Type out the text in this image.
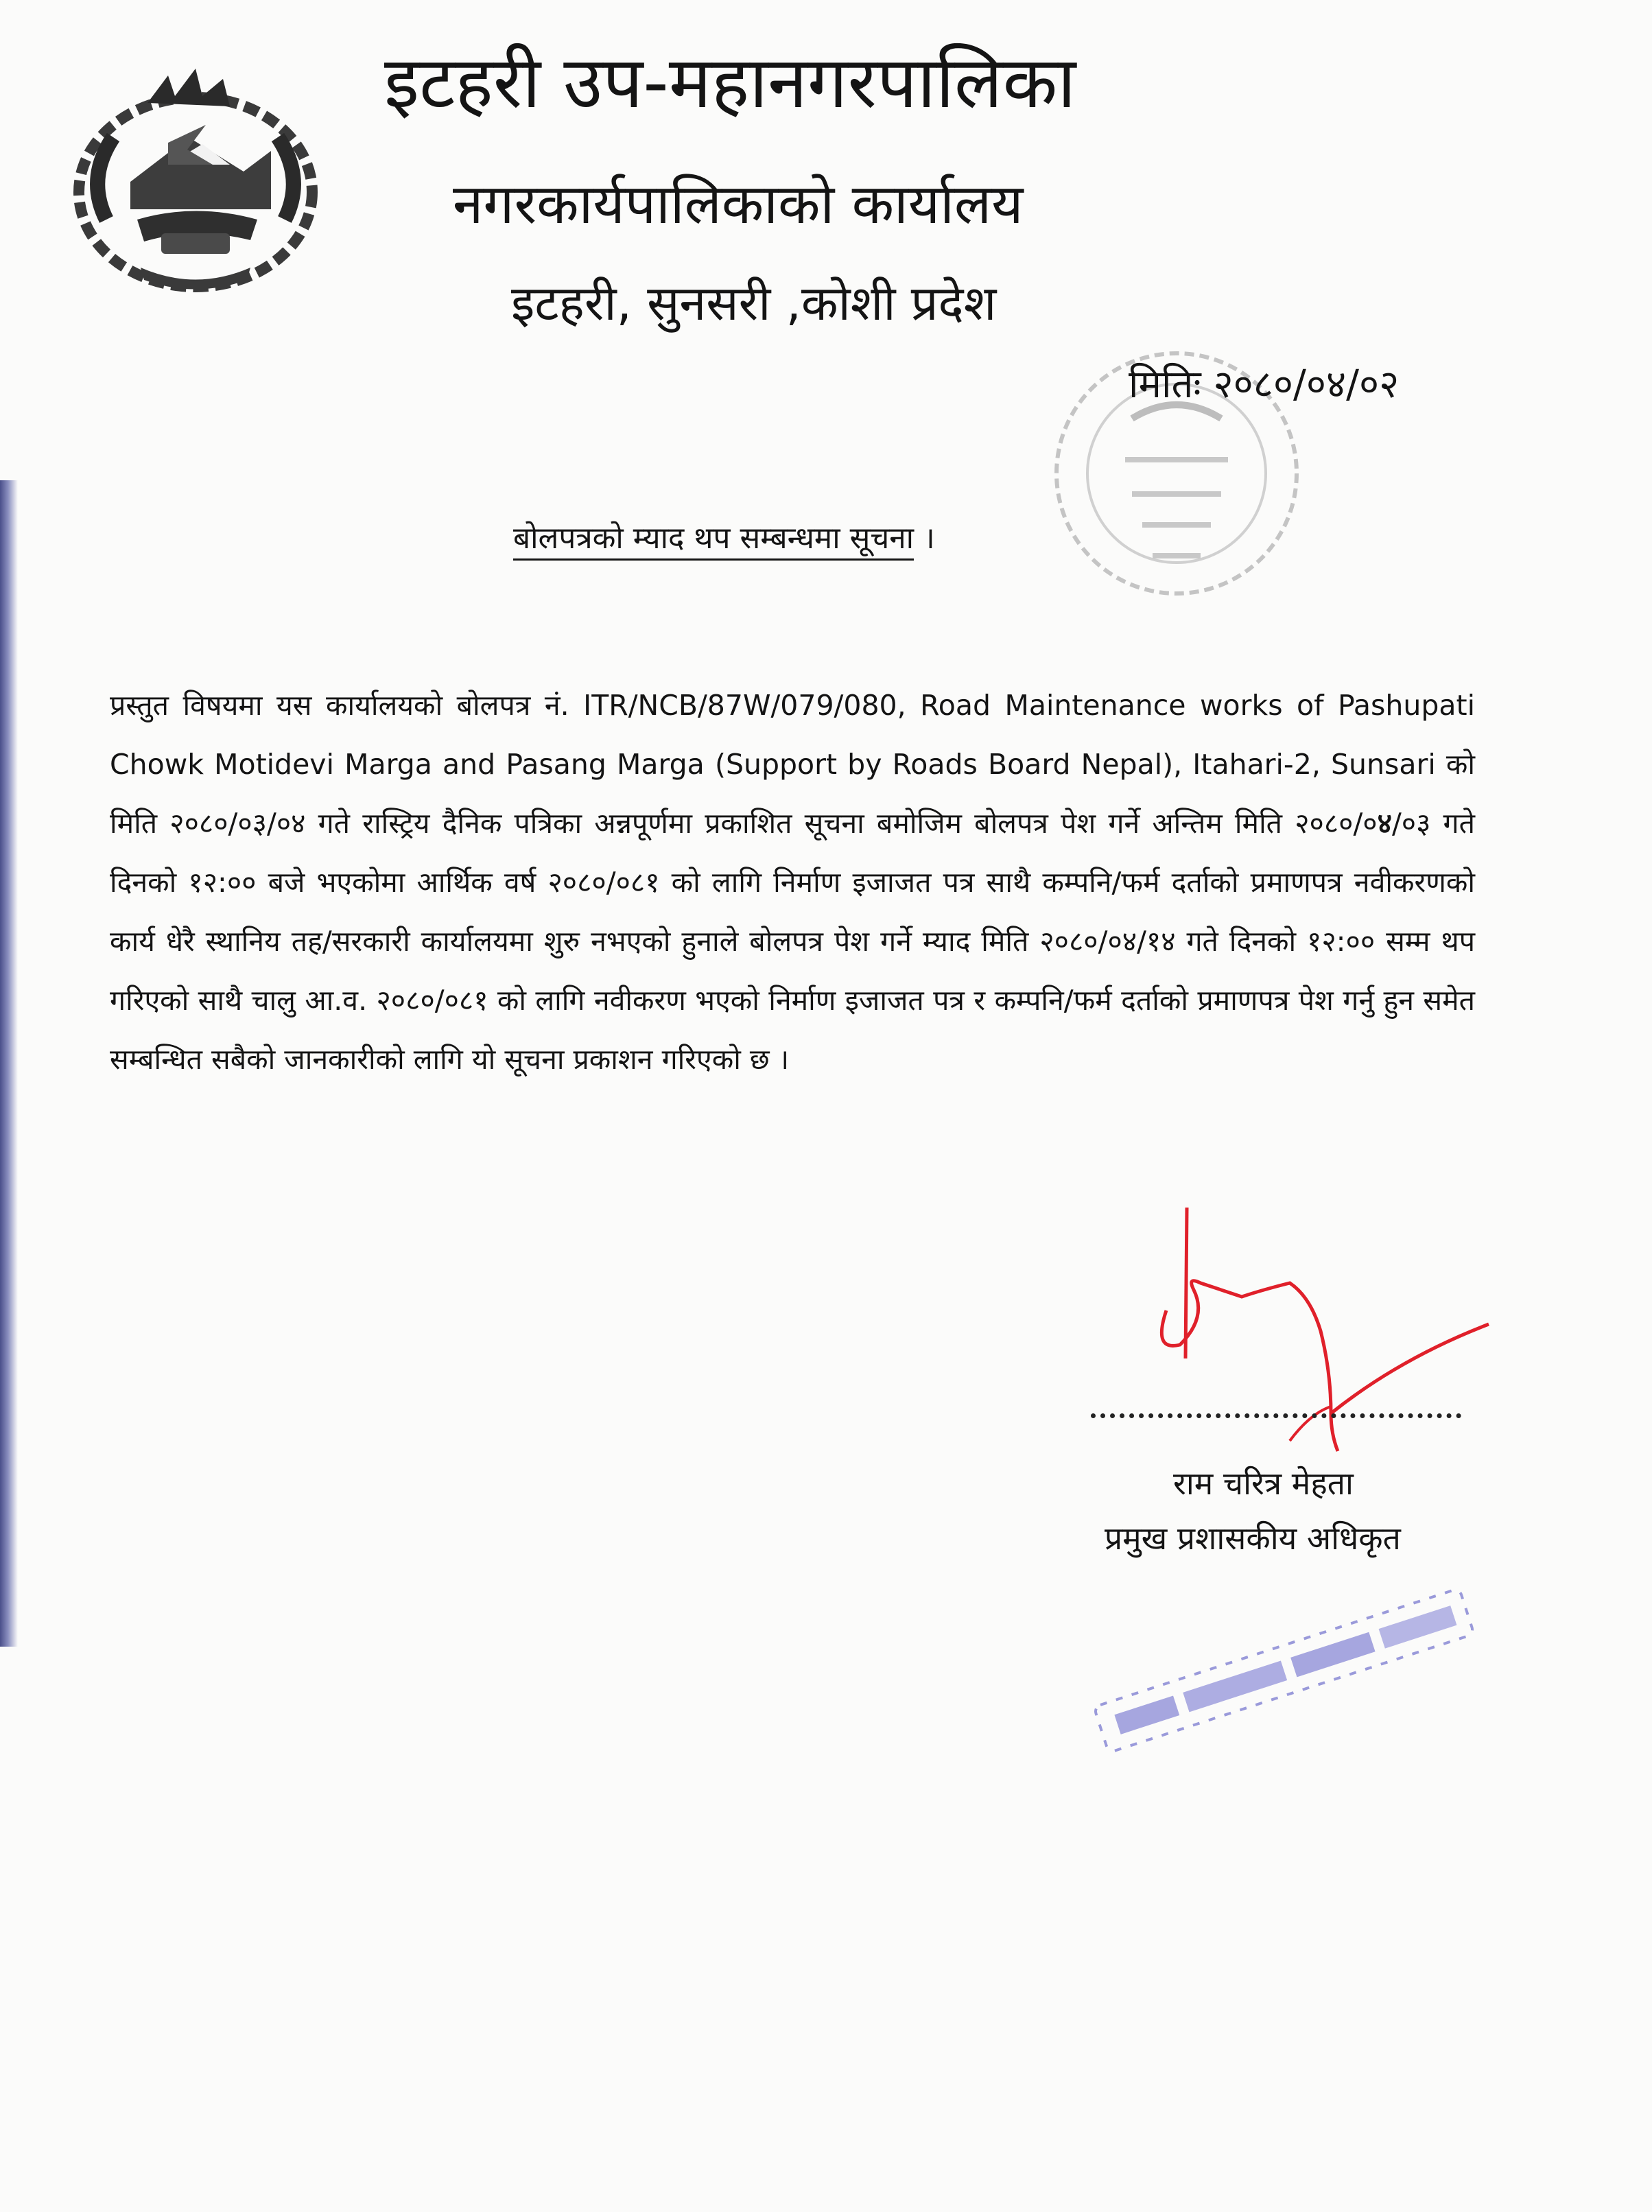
इटहरी उप-महानगरपालिका
नगरकार्यपालिकाको कार्यालय
इटहरी, सुनसरी ,कोशी प्रदेश
मितिः २०८०/०४/०२
बोलपत्रको म्याद थप सम्बन्धमा सूचना ।
प्रस्तुत विषयमा यस कार्यालयको बोलपत्र नं. ITR/NCB/87W/079/080, Road Maintenance works of Pashupati Chowk Motidevi Marga and Pasang Marga (Support by Roads Board Nepal), Itahari-2, Sunsari को मिति २०८०/०३/०४ गते रास्ट्रिय दैनिक पत्रिका अन्नपूर्णमा प्रकाशित सूचना बमोजिम बोलपत्र पेश गर्ने अन्तिम मिति २०८०/०४/०३ गते दिनको १२:०० बजे भएकोमा आर्थिक वर्ष २०८०/०८१ को लागि निर्माण इजाजत पत्र साथै कम्पनि/फर्म दर्ताको प्रमाणपत्र नवीकरणको कार्य धेरै स्थानिय तह/सरकारी कार्यालयमा शुरु नभएको हुनाले बोलपत्र पेश गर्ने म्याद मिति २०८०/०४/१४ गते दिनको १२:०० सम्म थप गरिएको साथै चालु आ.व. २०८०/०८१ को लागि नवीकरण भएको निर्माण इजाजत पत्र र कम्पनि/फर्म दर्ताको प्रमाणपत्र पेश गर्नु हुन समेत सम्बन्धित सबैको जानकारीको लागि यो सूचना प्रकाशन गरिएको छ ।
राम चरित्र मेहता
प्रमुख प्रशासकीय अधिकृत
